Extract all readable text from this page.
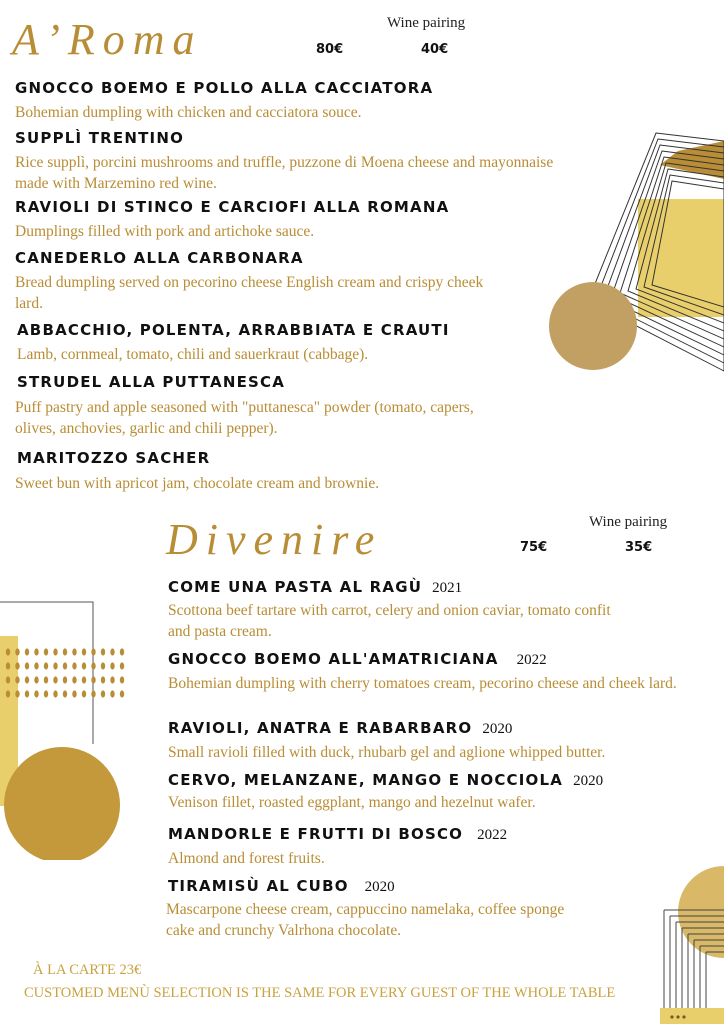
A’Roma	Wine pairing
80€	40€
GNOCCO BOEMO E POLLO ALLA CACCIATORA
Bohemian dumpling with chicken and cacciatora souce.
SUPPLÌ TRENTINO
Rice supplì, porcini mushrooms and truffle, puzzone di Moena cheese and mayonnaise made with Marzemino red wine.
RAVIOLI DI STINCO E CARCIOFI ALLA ROMANA
Dumplings filled with pork and artichoke sauce.
CANEDERLO ALLA CARBONARA
Bread dumpling served on pecorino cheese English cream and crispy cheek lard.
ABBACCHIO, POLENTA, ARRABBIATA E CRAUTI
Lamb, cornmeal, tomato, chili and sauerkraut (cabbage).
STRUDEL ALLA PUTTANESCA
Puff pastry and apple seasoned with "puttanesca" powder (tomato, capers, olives, anchovies, garlic and chili pepper).
MARITOZZO SACHER
Sweet bun with apricot jam, chocolate cream and brownie.
Divenire	Wine pairing
75€	35€
COME UNA PASTA AL RAGÙ 2021
Scottona beef tartare with carrot, celery and onion caviar, tomato confit and pasta cream.
GNOCCO BOEMO ALL'AMATRICIANA 2022
Bohemian dumpling with cherry tomatoes cream, pecorino cheese and cheek lard.
RAVIOLI, ANATRA E RABARBARO 2020
Small ravioli filled with duck, rhubarb gel and aglione whipped butter.
CERVO, MELANZANE, MANGO E NOCCIOLA 2020
Venison fillet, roasted eggplant, mango and hezelnut wafer.
MANDORLE E FRUTTI DI BOSCO 2022
Almond and forest fruits.
TIRAMISÙ AL CUBO 2020
Mascarpone cheese cream, cappuccino namelaka, coffee sponge cake and crunchy Valrhona chocolate.
À LA CARTE 23€
CUSTOMED MENÙ SELECTION IS THE SAME FOR EVERY GUEST OF THE WHOLE TABLE
